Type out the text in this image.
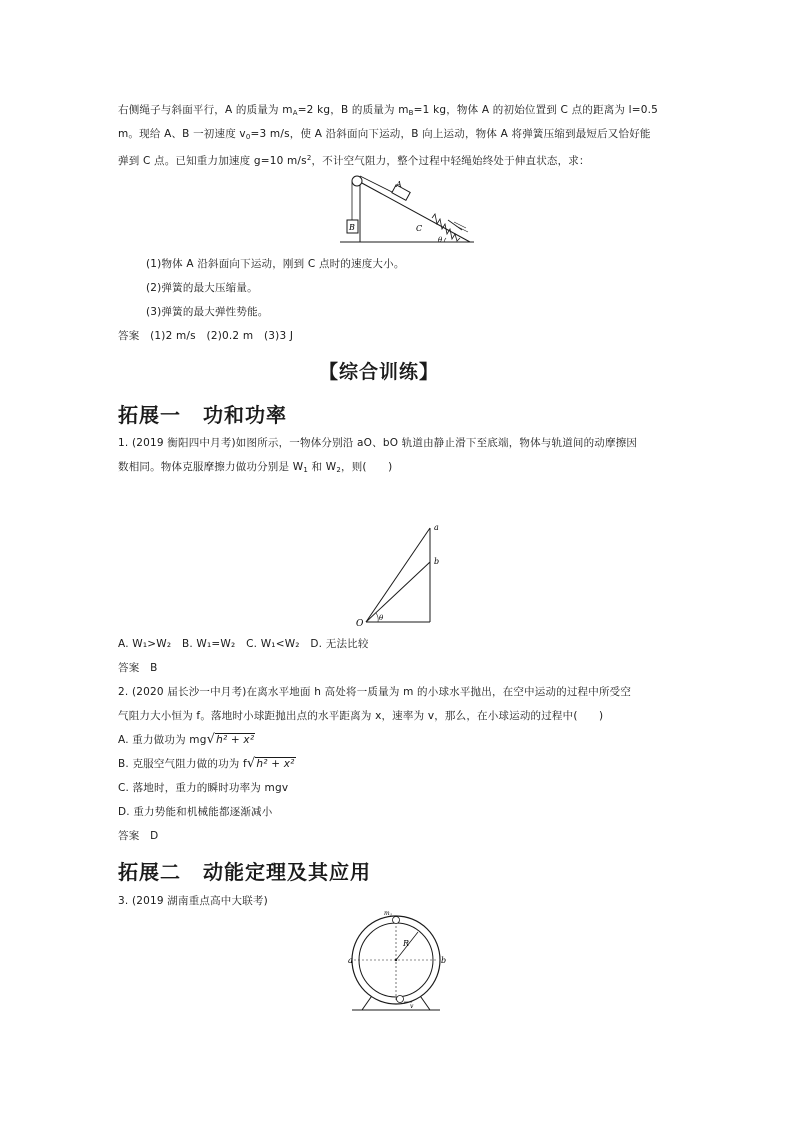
右侧绳子与斜面平行，A 的质量为 mA=2 kg，B 的质量为 mB=1 kg，物体 A 的初始位置到 C 点的距离为 l=0.5
m。现给 A、B 一初速度 v0=3 m/s，使 A 沿斜面向下运动，B 向上运动，物体 A 将弹簧压缩到最短后又恰好能
弹到 C 点。已知重力加速度 g=10 $m/s^2$，不计空气阻力，整个过程中轻绳始终处于伸直状态，求：
B
A
C
θ
(1)物体 A 沿斜面向下运动，刚到 C 点时的速度大小。
(2)弹簧的最大压缩量。
(3)弹簧的最大弹性势能。
答案　(1)2 m/s　(2)0.2 m　(3)3 J
【综合训练】
拓展一 功和功率
1. (2019 衡阳四中月考)如图所示，一物体分别沿 aO、bO 轨道由静止滑下至底端，物体与轨道间的动摩擦因
数相同。物体克服摩擦力做功分别是 W1 和 W2，则(　　)
a
b
O
θ
A. W₁>W₂　B. W₁=W₂　C. W₁<W₂　D. 无法比较
答案　B
2. (2020 届长沙一中月考)在离水平地面 h 高处将一质量为 m 的小球水平抛出，在空中运动的过程中所受空
气阻力大小恒为 f。落地时小球距抛出点的水平距离为 x，速率为 v，那么，在小球运动的过程中(　　)
A. 重力做功为 mg√h² + x²
B. 克服空气阻力做的功为 f√h² + x²
C. 落地时，重力的瞬时功率为 mgv
D. 重力势能和机械能都逐渐减小
答案　D
拓展二 动能定理及其应用
3. (2019 湖南重点高中大联考)
R
$m_1$
v
a	b
